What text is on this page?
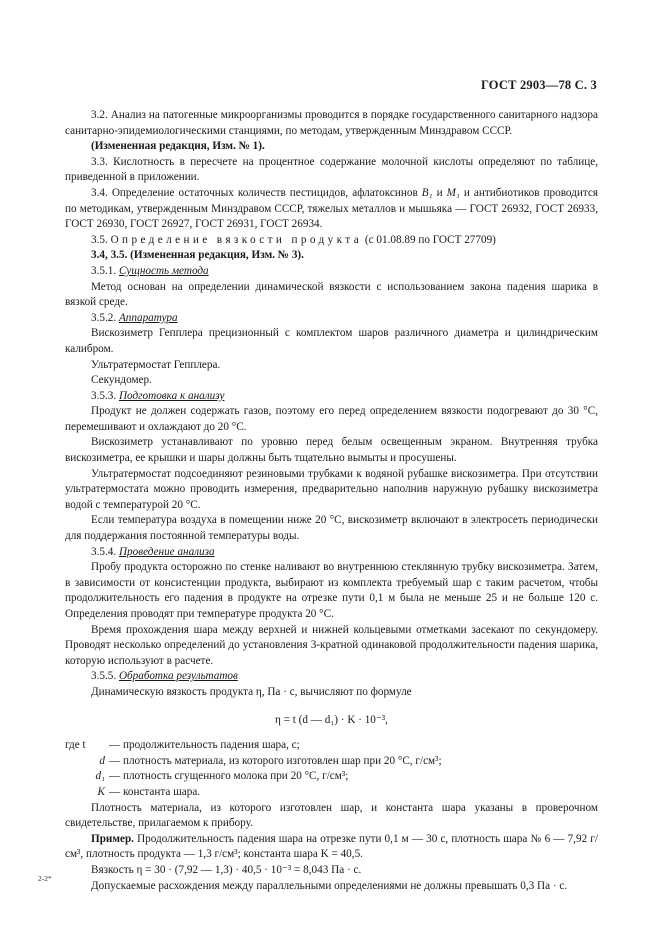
ГОСТ 2903—78 С. 3

3.2. Анализ на патогенные микроорганизмы проводится в порядке государственного санитарного надзора санитарно-эпидемиологическими станциями, по методам, утвержденным Минздравом СССР.

(Измененная редакция, Изм. № 1).

3.3. Кислотность в пересчете на процентное содержание молочной кислоты определяют по таблице, приведенной в приложении.

3.4. Определение остаточных количеств пестицидов, афлатоксинов B₁ и M₁ и антибиотиков проводится по методикам, утвержденным Минздравом СССР, тяжелых металлов и мышьяка — ГОСТ 26932, ГОСТ 26933, ГОСТ 26930, ГОСТ 26927, ГОСТ 26931, ГОСТ 26934.

3.5. Определение вязкости продукта (с 01.08.89 по ГОСТ 27709)

3.4, 3.5. (Измененная редакция, Изм. № 3).

3.5.1. Сущность метода

Метод основан на определении динамической вязкости с использованием закона падения шарика в вязкой среде.

3.5.2. Аппаратура

Вискозиметр Гепплера прецизионный с комплектом шаров различного диаметра и цилиндрическим калибром.

Ультратермостат Гепплера.

Секундомер.

3.5.3. Подготовка к анализу

Продукт не должен содержать газов, поэтому его перед определением вязкости подогревают до 30 °С, перемешивают и охлаждают до 20 °С.

Вискозиметр устанавливают по уровню перед белым освещенным экраном. Внутренняя трубка вискозиметра, ее крышки и шары должны быть тщательно вымыты и просушены.

Ультратермостат подсоединяют резиновыми трубками к водяной рубашке вискозиметра. При отсутствии ультратермостата можно проводить измерения, предварительно наполнив наружную рубашку вискозиметра водой с температурой 20 °С.

Если температура воздуха в помещении ниже 20 °С, вискозиметр включают в электросеть периодически для поддержания постоянной температуры воды.

3.5.4. Проведение анализа

Пробу продукта осторожно по стенке наливают во внутреннюю стеклянную трубку вискозиметра. Затем, в зависимости от консистенции продукта, выбирают из комплекта требуемый шар с таким расчетом, чтобы продолжительность его падения в продукте на отрезке пути 0,1 м была не меньше 25 и не больше 120 с. Определения проводят при температуре продукта 20 °С.

Время прохождения шара между верхней и нижней кольцевыми отметками засекают по секундомеру. Проводят несколько определений до установления 3-кратной одинаковой продолжительности падения шарика, которую используют в расчете.

3.5.5. Обработка результатов

Динамическую вязкость продукта η, Па · с, вычисляют по формуле

η = t (d — d₁) · K · 10⁻³,

где t	— продолжительность падения шара, с;
d — плотность материала, из которого изготовлен шар при 20 °С, г/см³;
d₁ — плотность сгущенного молока при 20 °С, г/см³;
K — константа шара.

Плотность материала, из которого изготовлен шар, и константа шара указаны в проверочном свидетельстве, прилагаемом к прибору.

Пример. Продолжительность падения шара на отрезке пути 0,1 м — 30 с, плотность шара № 6 — 7,92 г/см³, плотность продукта — 1,3 г/см³; константа шара K = 40,5.

Вязкость η = 30 · (7,92 — 1,3) · 40,5 · 10⁻³ = 8,043 Па · с.

Допускаемые расхождения между параллельными определениями не должны превышать 0,3 Па · с.

2-2*
